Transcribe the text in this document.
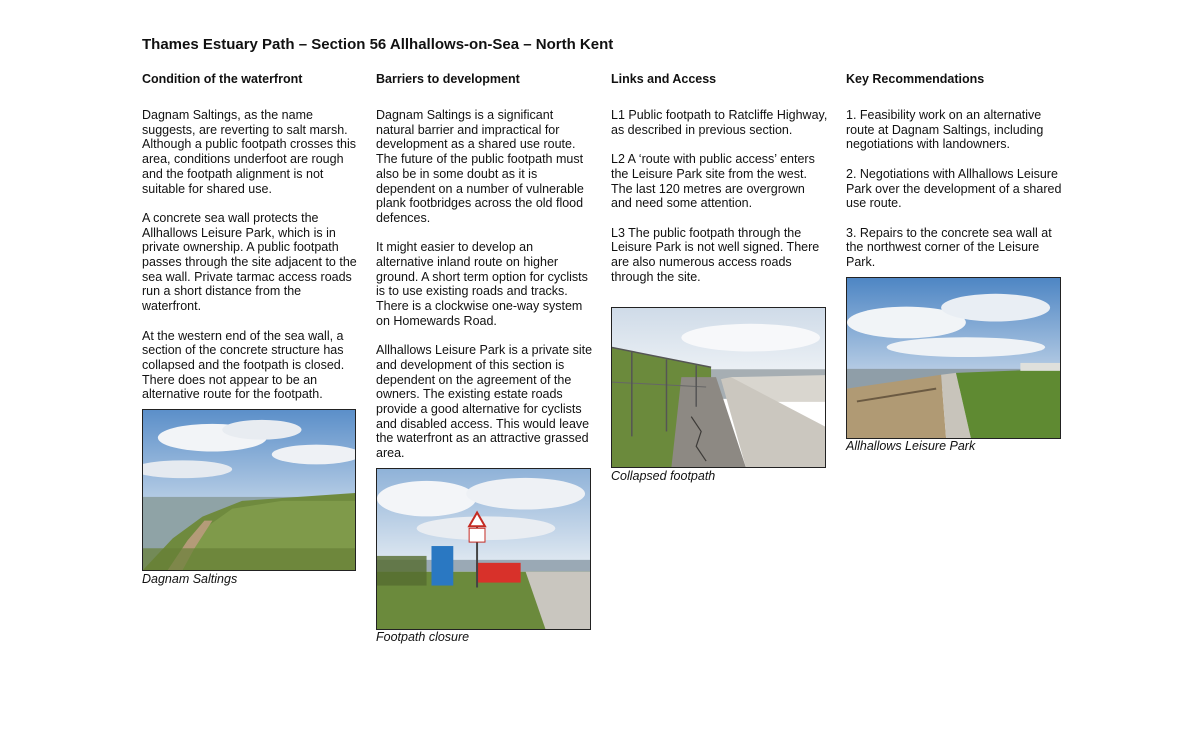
Thames Estuary Path – Section 56 Allhallows-on-Sea – North Kent
Condition of the waterfront

Dagnam Saltings, as the name suggests, are reverting to salt marsh. Although a public footpath crosses this area, conditions underfoot are rough and the footpath alignment is not suitable for shared use.

A concrete sea wall protects the Allhallows Leisure Park, which is in private ownership. A public footpath passes through the site adjacent to the sea wall. Private tarmac access roads run a short distance from the waterfront.

At the western end of the sea wall, a section of the concrete structure has collapsed and the footpath is closed. There does not appear to be an alternative route for the footpath.

Barriers to development

Dagnam Saltings is a significant natural barrier and impractical for development as a shared use route. The future of the public footpath must also be in some doubt as it is dependent on a number of vulnerable plank footbridges across the old flood defences.

It might easier to develop an alternative inland route on higher ground. A short term option for cyclists is to use existing roads and tracks. There is a clockwise one-way system on Homewards Road.

Allhallows Leisure Park is a private site and development of this section is dependent on the agreement of the owners. The existing estate roads provide a good alternative for cyclists and disabled access. This would leave the waterfront as an attractive grassed area.

Links and Access

L1 Public footpath to Ratcliffe Highway, as described in previous section.

L2 A ‘route with public access’ enters the Leisure Park site from the west. The last 120 metres are overgrown and need some attention.

L3 The public footpath through the Leisure Park is not well signed. There are also numerous access roads through the site.

Key Recommendations

1. Feasibility work on an alternative route at Dagnam Saltings, including negotiations with landowners.

2. Negotiations with Allhallows Leisure Park over the development of a shared use route.

3. Repairs to the concrete sea wall at the northwest corner of the Leisure Park.

Dagnam Saltings
Footpath closure
Collapsed footpath
Allhallows Leisure Park
